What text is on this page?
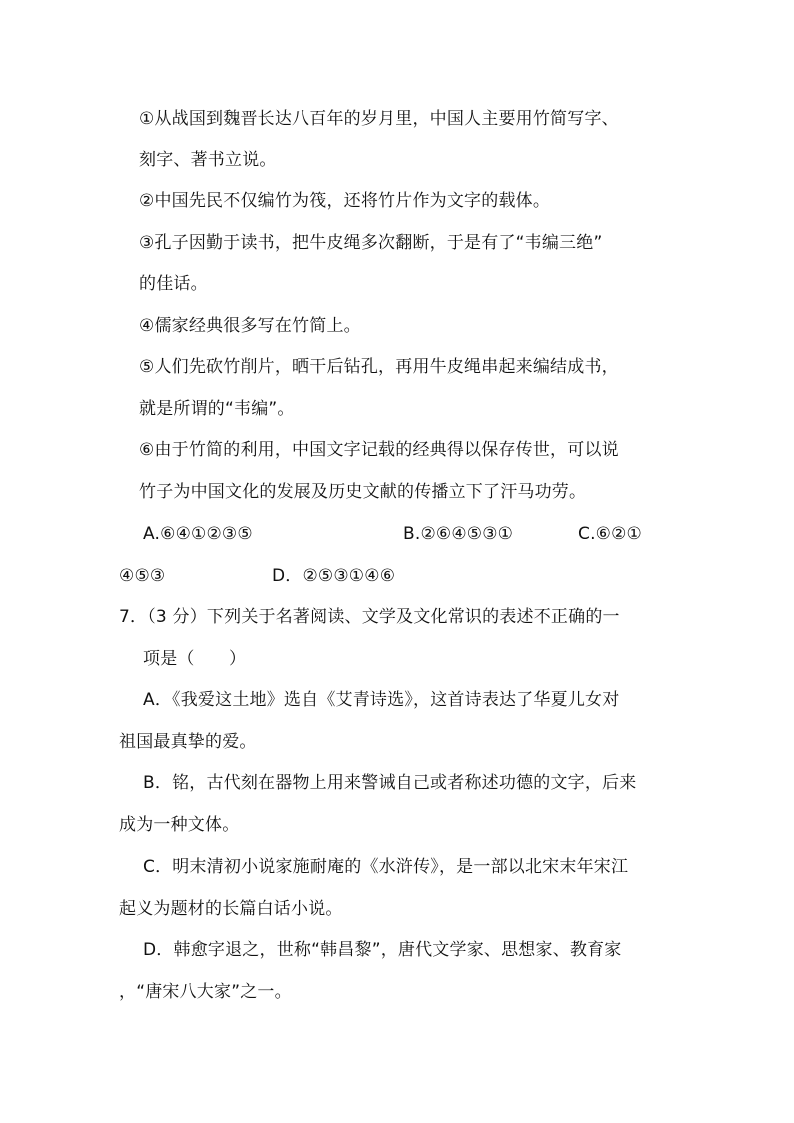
①从战国到魏晋长达八百年的岁月里，中国人主要用竹简写字、
刻字、著书立说。
②中国先民不仅编竹为筏，还将竹片作为文字的载体。
③孔子因勤于读书，把牛皮绳多次翻断，于是有了“韦编三绝”
的佳话。
④儒家经典很多写在竹简上。
⑤人们先砍竹削片，晒干后钻孔，再用牛皮绳串起来编结成书，
就是所谓的“韦编”。
⑥由于竹简的利用，中国文字记载的经典得以保存传世，可以说
竹子为中国文化的发展及历史文献的传播立下了汗马功劳。
A.⑥④①②③⑤	B.②⑥④⑤③①	C.⑥②①
④⑤③	D．②⑤③①④⑥
7．（3 分）下列关于名著阅读、文学及文化常识的表述不正确的一
项是（　　）
A．《我爱这土地》选自《艾青诗选》，这首诗表达了华夏儿女对
祖国最真挚的爱。
B．铭，古代刻在器物上用来警诫自己或者称述功德的文字，后来
成为一种文体。
C．明末清初小说家施耐庵的《水浒传》，是一部以北宋末年宋江
起义为题材的长篇白话小说。
D．韩愈字退之，世称“韩昌黎”，唐代文学家、思想家、教育家
，“唐宋八大家”之一。
